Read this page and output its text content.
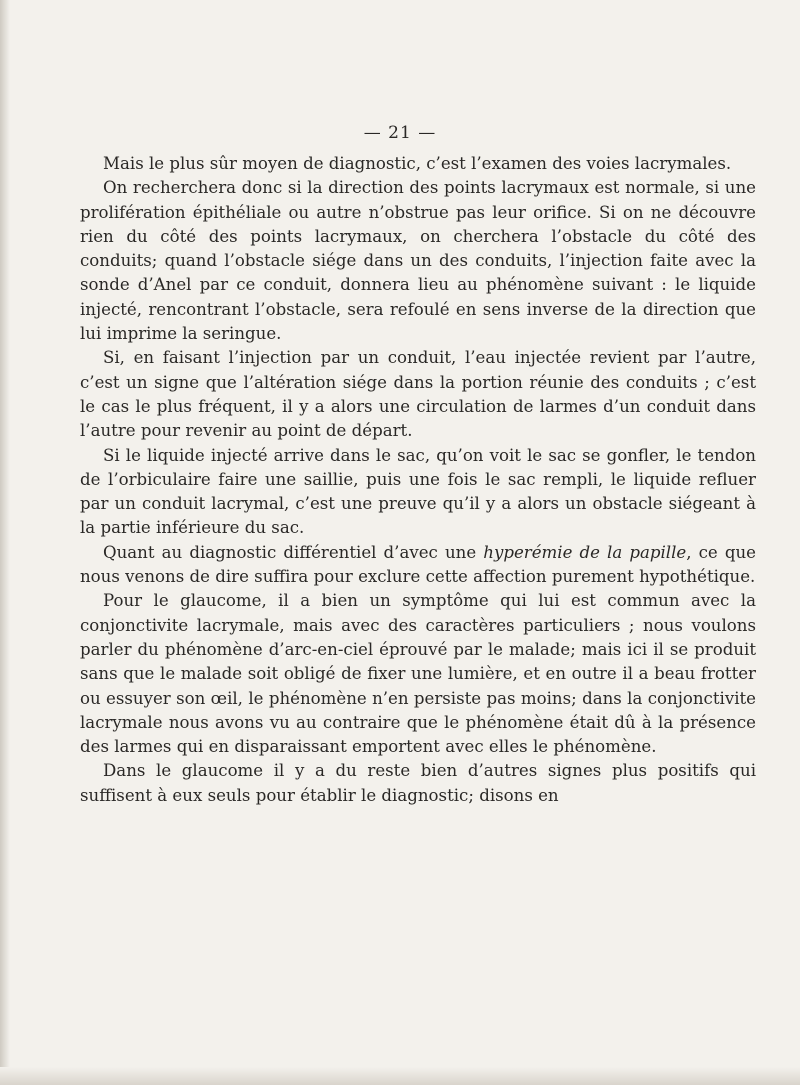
— 21 —

Mais le plus sûr moyen de diagnostic, c’est l’examen des voies lacrymales.

On recherchera donc si la direction des points lacrymaux est normale, si une prolifération épithéliale ou autre n’obstrue pas leur orifice. Si on ne découvre rien du côté des points lacrymaux, on cherchera l’obstacle du côté des conduits; quand l’obstacle siége dans un des conduits, l’injection faite avec la sonde d’Anel par ce conduit, donnera lieu au phénomène suivant : le liquide injecté, rencontrant l’obstacle, sera refoulé en sens inverse de la direction que lui imprime la seringue.

Si, en faisant l’injection par un conduit, l’eau injectée revient par l’autre, c’est un signe que l’altération siége dans la portion réunie des conduits ; c’est le cas le plus fréquent, il y a alors une circulation de larmes d’un conduit dans l’autre pour revenir au point de départ.

Si le liquide injecté arrive dans le sac, qu’on voit le sac se gonfler, le tendon de l’orbiculaire faire une saillie, puis une fois le sac rempli, le liquide refluer par un conduit lacrymal, c’est une preuve qu’il y a alors un obstacle siégeant à la partie inférieure du sac.

Quant au diagnostic différentiel d’avec une hyperémie de la papille, ce que nous venons de dire suffira pour exclure cette affection purement hypothétique.

Pour le glaucome, il a bien un symptôme qui lui est commun avec la conjonctivite lacrymale, mais avec des caractères particuliers ; nous voulons parler du phénomène d’arc-en-ciel éprouvé par le malade; mais ici il se produit sans que le malade soit obligé de fixer une lumière, et en outre il a beau frotter ou essuyer son œil, le phénomène n’en persiste pas moins; dans la conjonctivite lacrymale nous avons vu au contraire que le phénomène était dû à la présence des larmes qui en disparaissant emportent avec elles le phénomène.

Dans le glaucome il y a du reste bien d’autres signes plus positifs qui suffisent à eux seuls pour établir le diagnostic; disons en
